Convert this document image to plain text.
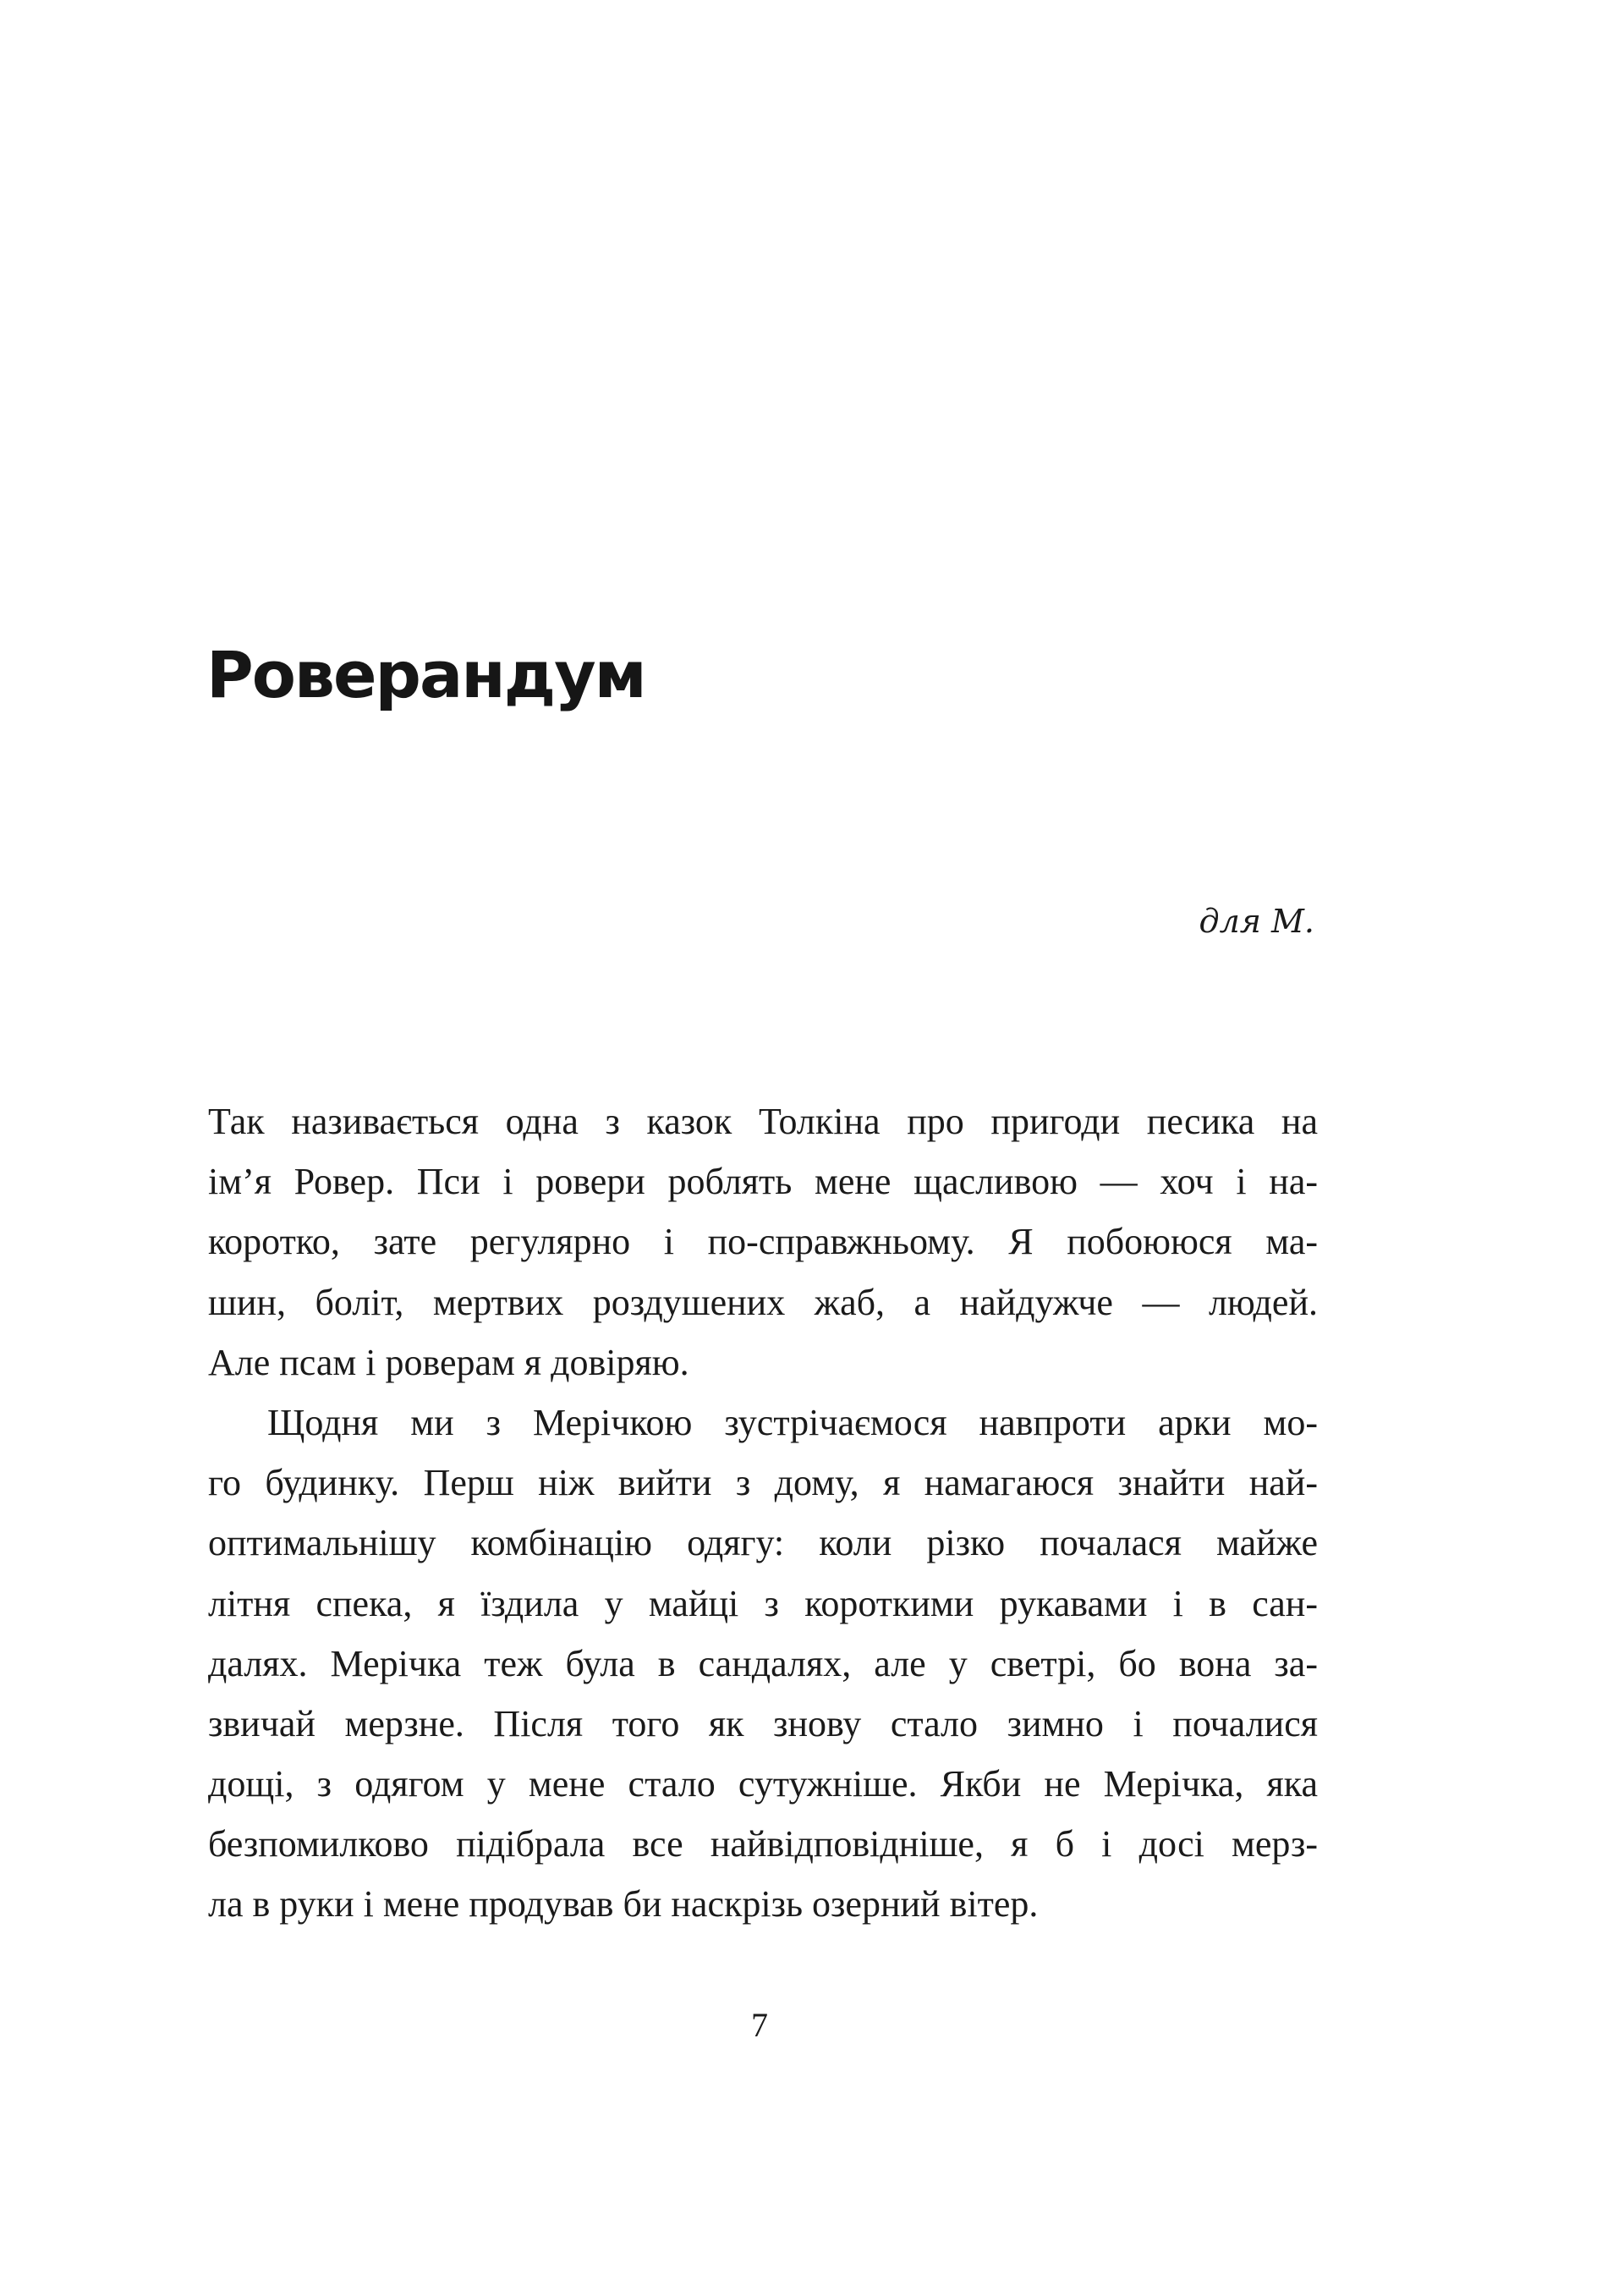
Роверандум
для М.
Так називається одна з казок Толкіна про пригоди песика на
ім’я Ровер. Пси і ровери роблять мене щасливою — хоч і на-
коротко, зате регулярно і по-справжньому. Я побоююся ма-
шин, боліт, мертвих роздушених жаб, а найдужче — людей.
Але псам і роверам я довіряю.
Щодня ми з Мерічкою зустрічаємося навпроти арки мо-
го будинку. Перш ніж вийти з дому, я намагаюся знайти най-
оптимальнішу комбінацію одягу: коли різко почалася майже
літня спека, я їздила у майці з короткими рукавами і в сан-
далях. Мерічка теж була в сандалях, але у светрі, бо вона за-
звичай мерзне. Після того як знову стало зимно і почалися
дощі, з одягом у мене стало сутужніше. Якби не Мерічка, яка
безпомилково підібрала все найвідповідніше, я б і досі мерз-
ла в руки і мене продував би наскрізь озерний вітер.
7
